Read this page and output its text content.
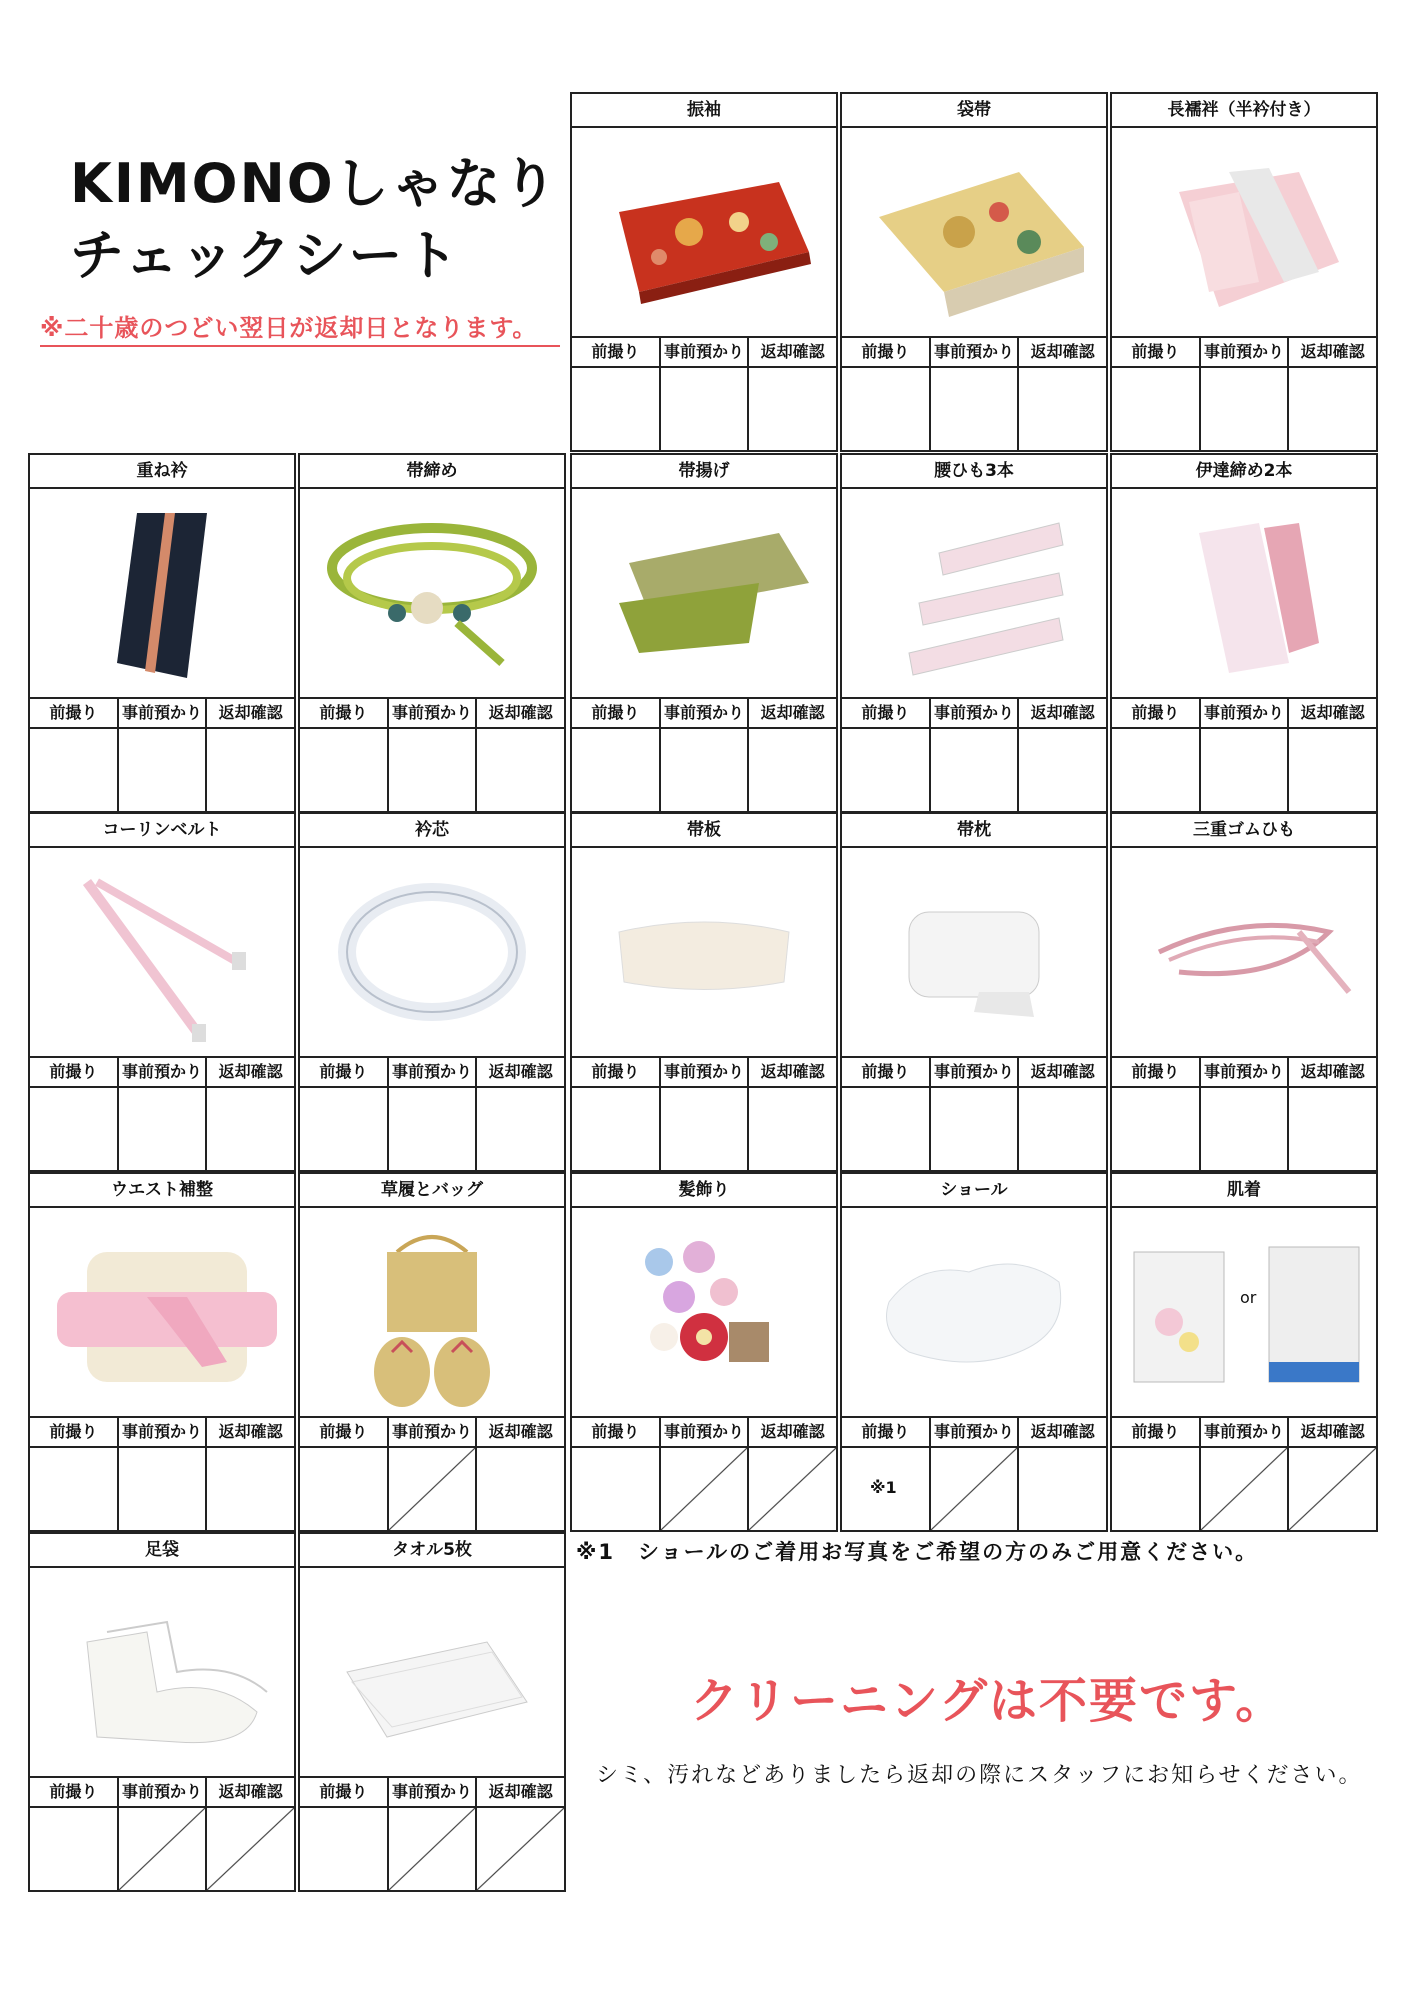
KIMONOしゃなり
チェックシート
※二十歳のつどい翌日が返却日となります。
振袖
前撮り	事前預かり	返却確認
袋帯
前撮り	事前預かり	返却確認
長襦袢（半衿付き）
前撮り	事前預かり	返却確認
重ね衿
前撮り	事前預かり	返却確認
帯締め
前撮り	事前預かり	返却確認
帯揚げ
前撮り	事前預かり	返却確認
腰ひも3本
前撮り	事前預かり	返却確認
伊達締め2本
前撮り	事前預かり	返却確認
コーリンベルト
前撮り	事前預かり	返却確認
衿芯
前撮り	事前預かり	返却確認
帯板
前撮り	事前預かり	返却確認
帯枕
前撮り	事前預かり	返却確認
三重ゴムひも
前撮り	事前預かり	返却確認
ウエスト補整
前撮り	事前預かり	返却確認
草履とバッグ
前撮り	事前預かり	返却確認
髪飾り
前撮り	事前預かり	返却確認
ショール
前撮り	事前預かり	返却確認
※1
肌着
or
前撮り	事前預かり	返却確認
足袋
前撮り	事前預かり	返却確認
タオル5枚
前撮り	事前預かり	返却確認
※1　ショールのご着用お写真をご希望の方のみご用意ください。
クリーニングは不要です。
シミ、汚れなどありましたら返却の際にスタッフにお知らせください。
